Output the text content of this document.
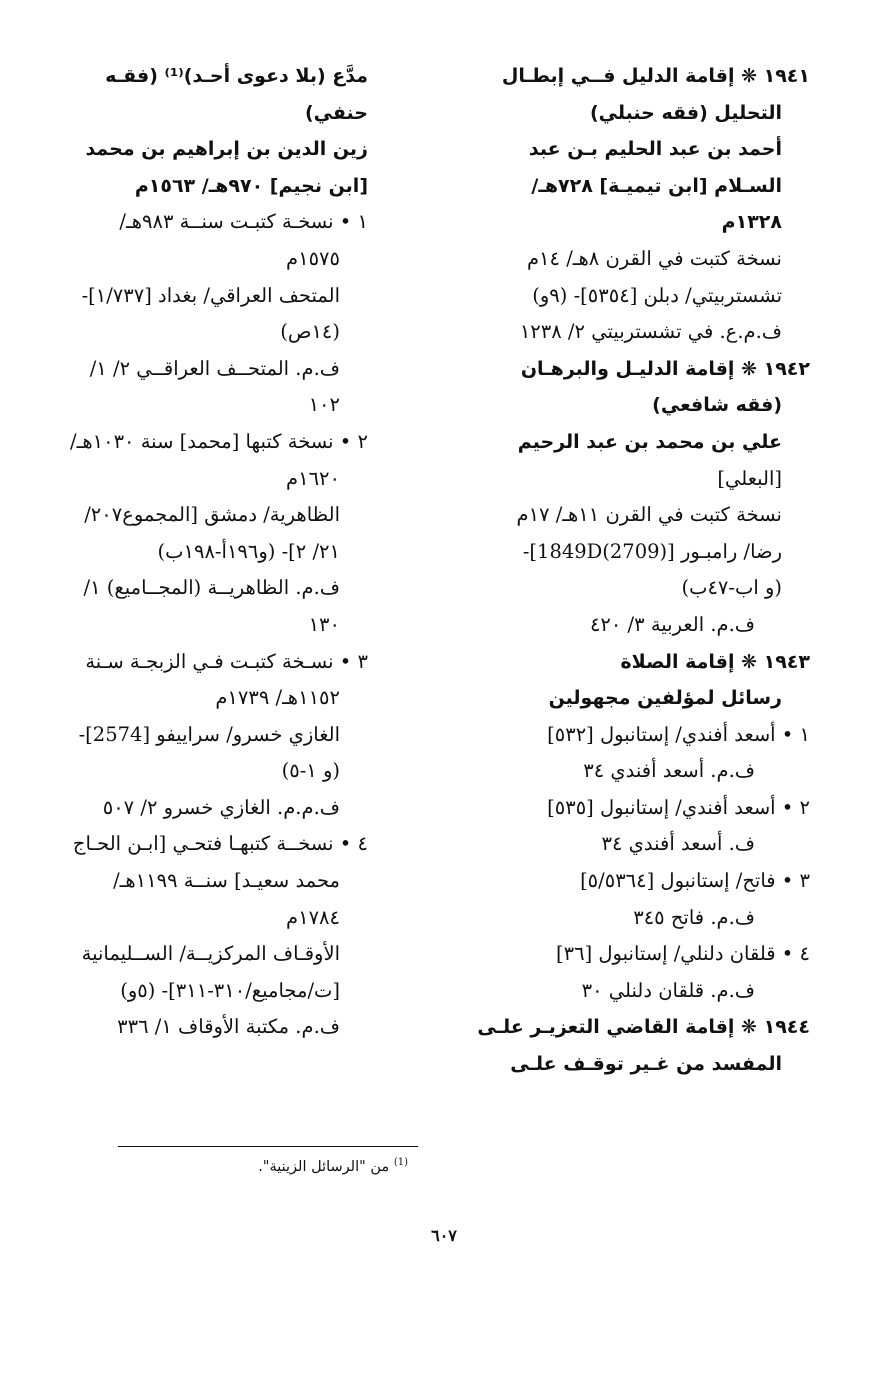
١٩٤١ ❋ إقامة الدليل فــي إبطـال
التحليل (فقه حنبلي)
أحمد بن عبد الحليم بـن عبد
السـلام [ابن تيميـة] ٧٢٨هـ/
١٣٢٨م
نسخة كتبت في القرن ٨هـ/ ١٤م
تشستربيتي/ دبلن [٥٣٥٤]- (٩و)
ف.م.ع. في تشستربيتي ٢/ ١٢٣٨
١٩٤٢ ❋ إقامة الدليـل والبرهـان
(فقه شافعي)
علي بن محمد بن عبد الرحيم
[البعلي]
نسخة كتبت في القرن ١١هـ/ ١٧م
رضا/ رامبـور [1849D(2709)]-
(و اب-٤٧ب)
ف.م. العربية ٣/ ٤٢٠
١٩٤٣ ❋ إقامة الصلاة
رسائل لمؤلفين مجهولين
١ • أسعد أفندي/ إستانبول [٥٣٢]
ف.م. أسعد أفندي ٣٤
٢ • أسعد أفندي/ إستانبول [٥٣٥]
ف. أسعد أفندي ٣٤
٣ • فاتح/ إستانبول [٥/٥٣٦٤]
ف.م. فاتح ٣٤٥
٤ • قلقان دلنلي/ إستانبول [٣٦]
ف.م. قلقان دلنلي ٣٠
١٩٤٤ ❋ إقامة القاضي التعزيـر علـى
المفسد من غـير توقـف علـى
مدَّع (بلا دعوى أحـد)⁽¹⁾ (فقـه
حنفي)
زين الدين بن إبراهيم بن محمد
[ابن نجيم] ٩٧٠هـ/ ١٥٦٣م
١ • نسخـة كتبـت سنــة ٩٨٣هـ/
١٥٧٥م
المتحف العراقي/ بغداد [١/٧٣٧]-
(١٤ص)
ف.م. المتحــف العراقــي ٢/ ١/
١٠٢
٢ • نسخة كتبها [محمد] سنة ١٠٣٠هـ/
١٦٢٠م
الظاهرية/ دمشق [المجموع٢٠٧/
٢١/ ٢]- (و١٩٦أ-١٩٨ب)
ف.م. الظاهريــة (المجــاميع) ١/
١٣٠
٣ • نسـخة كتبـت فـي الزبجـة سـنة
١١٥٢هـ/ ١٧٣٩م
الغازي خسرو/ سراييفو [2574]-
(و ١-٥)
ف.م.م. الغازي خسرو ٢/ ٥٠٧
٤ • نسخــة كتبهـا فتحـي [ابـن الحـاج
محمد سعيـد] سنــة ١١٩٩هـ/
١٧٨٤م
الأوقـاف المركزيــة/ الســليمانية
[ت/مجاميع/٣١٠-٣١١]- (٥و)
ف.م. مكتبة الأوقاف ١/ ٣٣٦
$^{(1)}$ من "الرسائل الزينية".
٦٠٧
